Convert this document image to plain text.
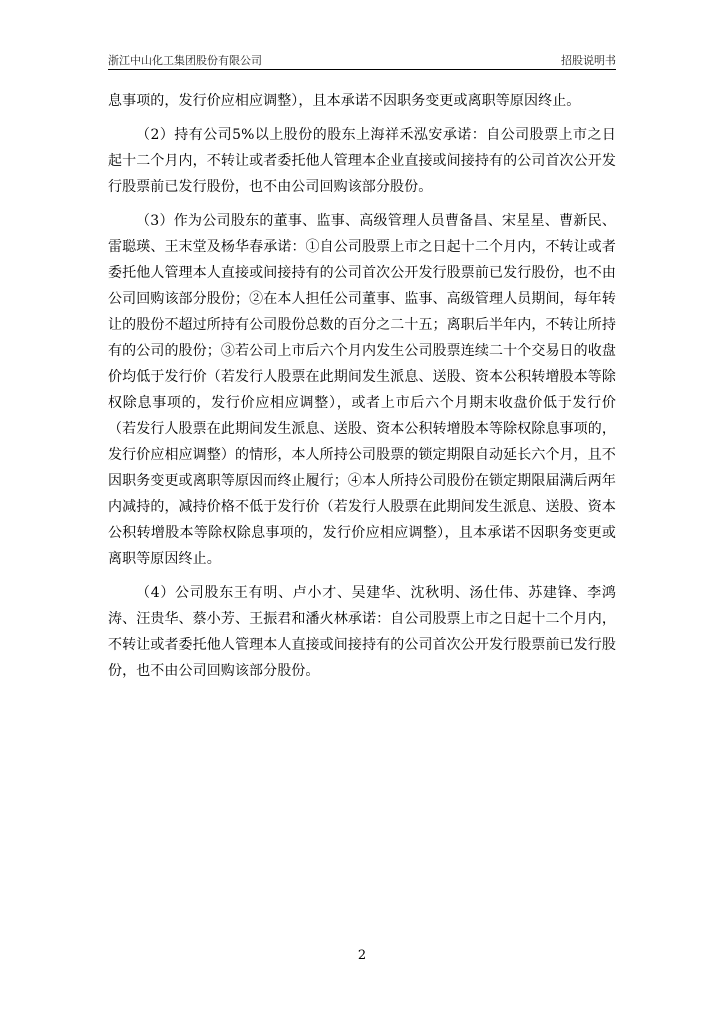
浙江中山化工集团股份有限公司	招股说明书

息事项的，发行价应相应调整），且本承诺不因职务变更或离职等原因终止。

（2）持有公司5%以上股份的股东上海祥禾泓安承诺：自公司股票上市之日起十二个月内，不转让或者委托他人管理本企业直接或间接持有的公司首次公开发行股票前已发行股份，也不由公司回购该部分股份。

（3）作为公司股东的董事、监事、高级管理人员曹备昌、宋星星、曹新民、雷聪瑛、王末堂及杨华春承诺：①自公司股票上市之日起十二个月内，不转让或者委托他人管理本人直接或间接持有的公司首次公开发行股票前已发行股份，也不由公司回购该部分股份；②在本人担任公司董事、监事、高级管理人员期间，每年转让的股份不超过所持有公司股份总数的百分之二十五；离职后半年内，不转让所持有的公司的股份；③若公司上市后六个月内发生公司股票连续二十个交易日的收盘价均低于发行价（若发行人股票在此期间发生派息、送股、资本公积转增股本等除权除息事项的，发行价应相应调整），或者上市后六个月期末收盘价低于发行价（若发行人股票在此期间发生派息、送股、资本公积转增股本等除权除息事项的，发行价应相应调整）的情形，本人所持公司股票的锁定期限自动延长六个月，且不因职务变更或离职等原因而终止履行；④本人所持公司股份在锁定期限届满后两年内减持的，减持价格不低于发行价（若发行人股票在此期间发生派息、送股、资本公积转增股本等除权除息事项的，发行价应相应调整），且本承诺不因职务变更或离职等原因终止。

（4）公司股东王有明、卢小才、吴建华、沈秋明、汤仕伟、苏建锋、李鸿涛、汪贵华、蔡小芳、王振君和潘火林承诺：自公司股票上市之日起十二个月内，不转让或者委托他人管理本人直接或间接持有的公司首次公开发行股票前已发行股份，也不由公司回购该部分股份。

2
